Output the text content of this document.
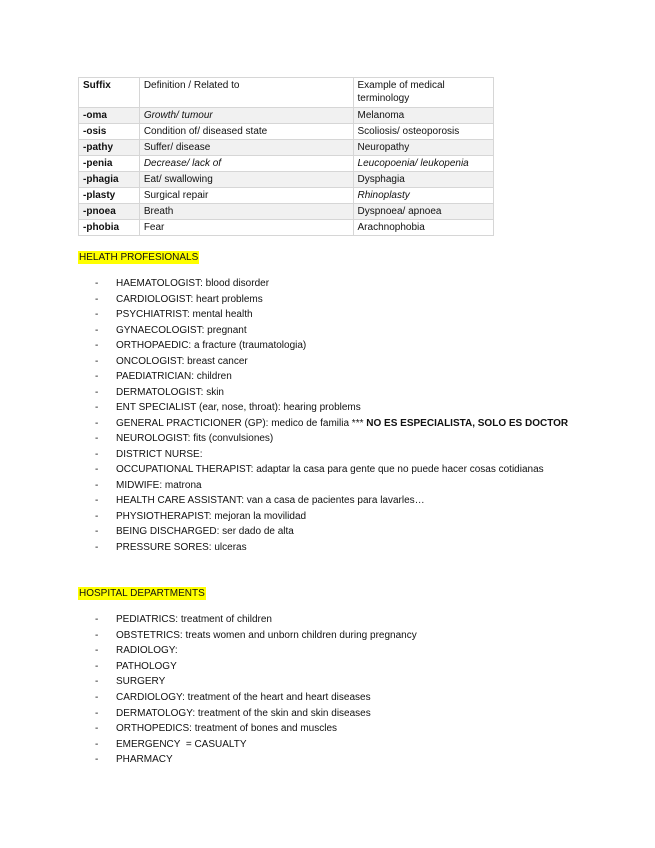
Suffix	Definition / Related to	Example of medical terminology
-oma	Growth/ tumour	Melanoma
-osis	Condition of/ diseased state	Scoliosis/ osteoporosis
-pathy	Suffer/ disease	Neuropathy
-penia	Decrease/ lack of	Leucopoenia/ leukopenia
-phagia	Eat/ swallowing	Dysphagia
-plasty	Surgical repair	Rhinoplasty
-pnoea	Breath	Dyspnoea/ apnoea
-phobia	Fear	Arachnophobia
HELATH PROFESIONALS
- HAEMATOLOGIST: blood disorder
- CARDIOLOGIST: heart problems
- PSYCHIATRIST: mental health
- GYNAECOLOGIST: pregnant
- ORTHOPAEDIC: a fracture (traumatologia)
- ONCOLOGIST: breast cancer
- PAEDIATRICIAN: children
- DERMATOLOGIST: skin
- ENT SPECIALIST (ear, nose, throat): hearing problems
- GENERAL PRACTICIONER (GP): medico de familia *** NO ES ESPECIALISTA, SOLO ES DOCTOR
- NEUROLOGIST: fits (convulsiones)
- DISTRICT NURSE:
- OCCUPATIONAL THERAPIST: adaptar la casa para gente que no puede hacer cosas cotidianas
- MIDWIFE: matrona
- HEALTH CARE ASSISTANT: van a casa de pacientes para lavarles…
- PHYSIOTHERAPIST: mejoran la movilidad
- BEING DISCHARGED: ser dado de alta
- PRESSURE SORES: ulceras
HOSPITAL DEPARTMENTS
- PEDIATRICS: treatment of children
- OBSTETRICS: treats women and unborn children during pregnancy
- RADIOLOGY:
- PATHOLOGY
- SURGERY
- CARDIOLOGY: treatment of the heart and heart diseases
- DERMATOLOGY: treatment of the skin and skin diseases
- ORTHOPEDICS: treatment of bones and muscles
- EMERGENCY  = CASUALTY
- PHARMACY
